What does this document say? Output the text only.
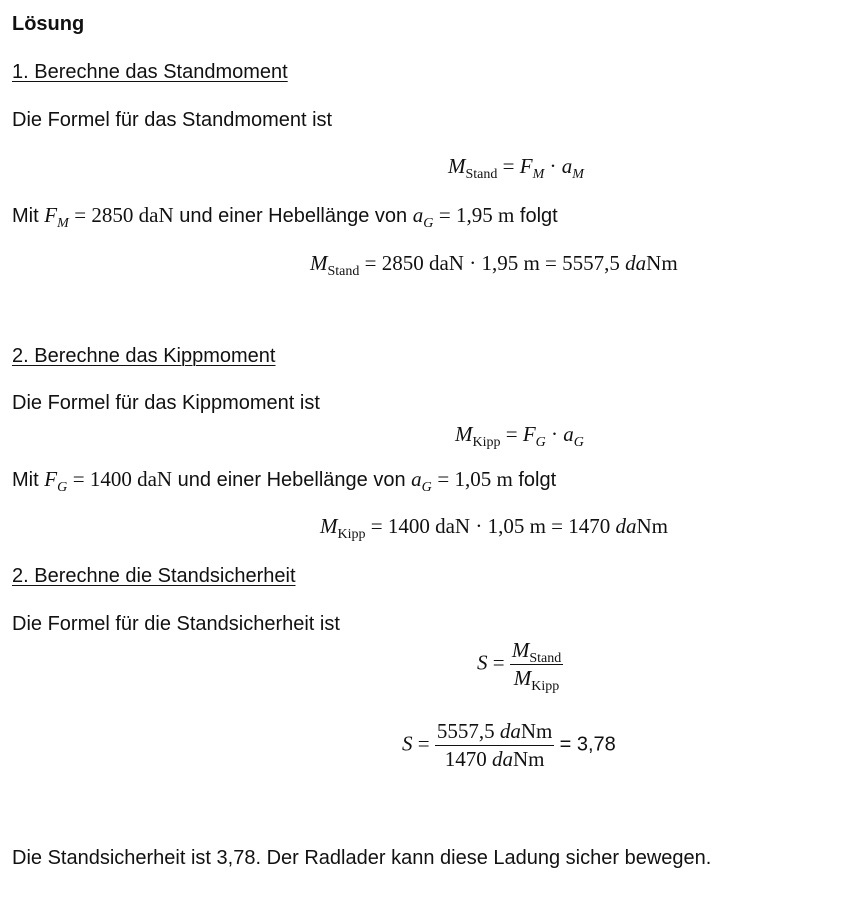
Lösung
1. Berechne das Standmoment
Die Formel für das Standmoment ist
$M_{Stand} = F_M \cdot a_M$
Mit $F_M = 2850$ daN und einer Hebellänge von $a_G = 1,95$ m folgt
$M_{Stand} = 2850$ daN · 1,95 m = 5557,5 daNm
2. Berechne das Kippmoment
Die Formel für das Kippmoment ist
$M_{Kipp} = F_G \cdot a_G$
Mit $F_G = 1400$ daN und einer Hebellänge von $a_G = 1,05$ m folgt
$M_{Kipp} = 1400$ daN · 1,05 m = 1470 daNm
2. Berechne die Standsicherheit
Die Formel für die Standsicherheit ist
$S = \frac{M_{Stand}}{M_{Kipp}}$
$S = \frac{\text{5557,5 daNm}}{\text{1470 daNm}} = 3,78$
Die Standsicherheit ist 3,78. Der Radlader kann diese Ladung sicher bewegen.
